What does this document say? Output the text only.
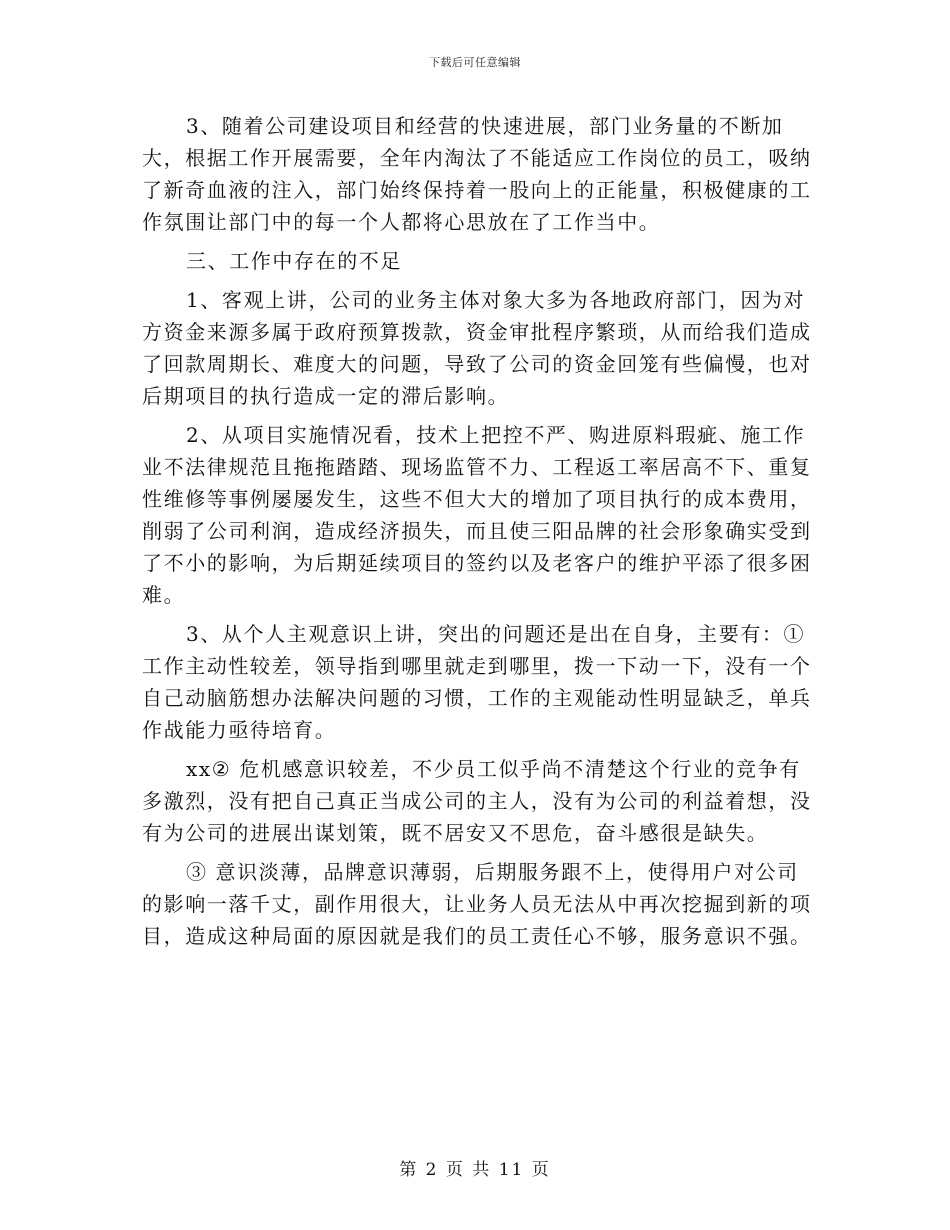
下载后可任意编辑

3、随着公司建设项目和经营的快速进展，部门业务量的不断加大，根据工作开展需要，全年内淘汰了不能适应工作岗位的员工，吸纳了新奇血液的注入，部门始终保持着一股向上的正能量，积极健康的工作氛围让部门中的每一个人都将心思放在了工作当中。

三、工作中存在的不足

1、客观上讲，公司的业务主体对象大多为各地政府部门，因为对方资金来源多属于政府预算拨款，资金审批程序繁琐，从而给我们造成了回款周期长、难度大的问题，导致了公司的资金回笼有些偏慢，也对后期项目的执行造成一定的滞后影响。

2、从项目实施情况看，技术上把控不严、购进原料瑕疵、施工作业不法律规范且拖拖踏踏、现场监管不力、工程返工率居高不下、重复性维修等事例屡屡发生，这些不但大大的增加了项目执行的成本费用，削弱了公司利润，造成经济损失，而且使三阳品牌的社会形象确实受到了不小的影响，为后期延续项目的签约以及老客户的维护平添了很多困难。

3、从个人主观意识上讲，突出的问题还是出在自身，主要有：①工作主动性较差，领导指到哪里就走到哪里，拨一下动一下，没有一个自己动脑筋想办法解决问题的习惯，工作的主观能动性明显缺乏，单兵作战能力亟待培育。

xx② 危机感意识较差，不少员工似乎尚不清楚这个行业的竞争有多激烈，没有把自己真正当成公司的主人，没有为公司的利益着想，没有为公司的进展出谋划策，既不居安又不思危，奋斗感很是缺失。

③ 意识淡薄，品牌意识薄弱，后期服务跟不上，使得用户对公司的影响一落千丈，副作用很大，让业务人员无法从中再次挖掘到新的项目，造成这种局面的原因就是我们的员工责任心不够，服务意识不强。

第 2 页 共 11 页
